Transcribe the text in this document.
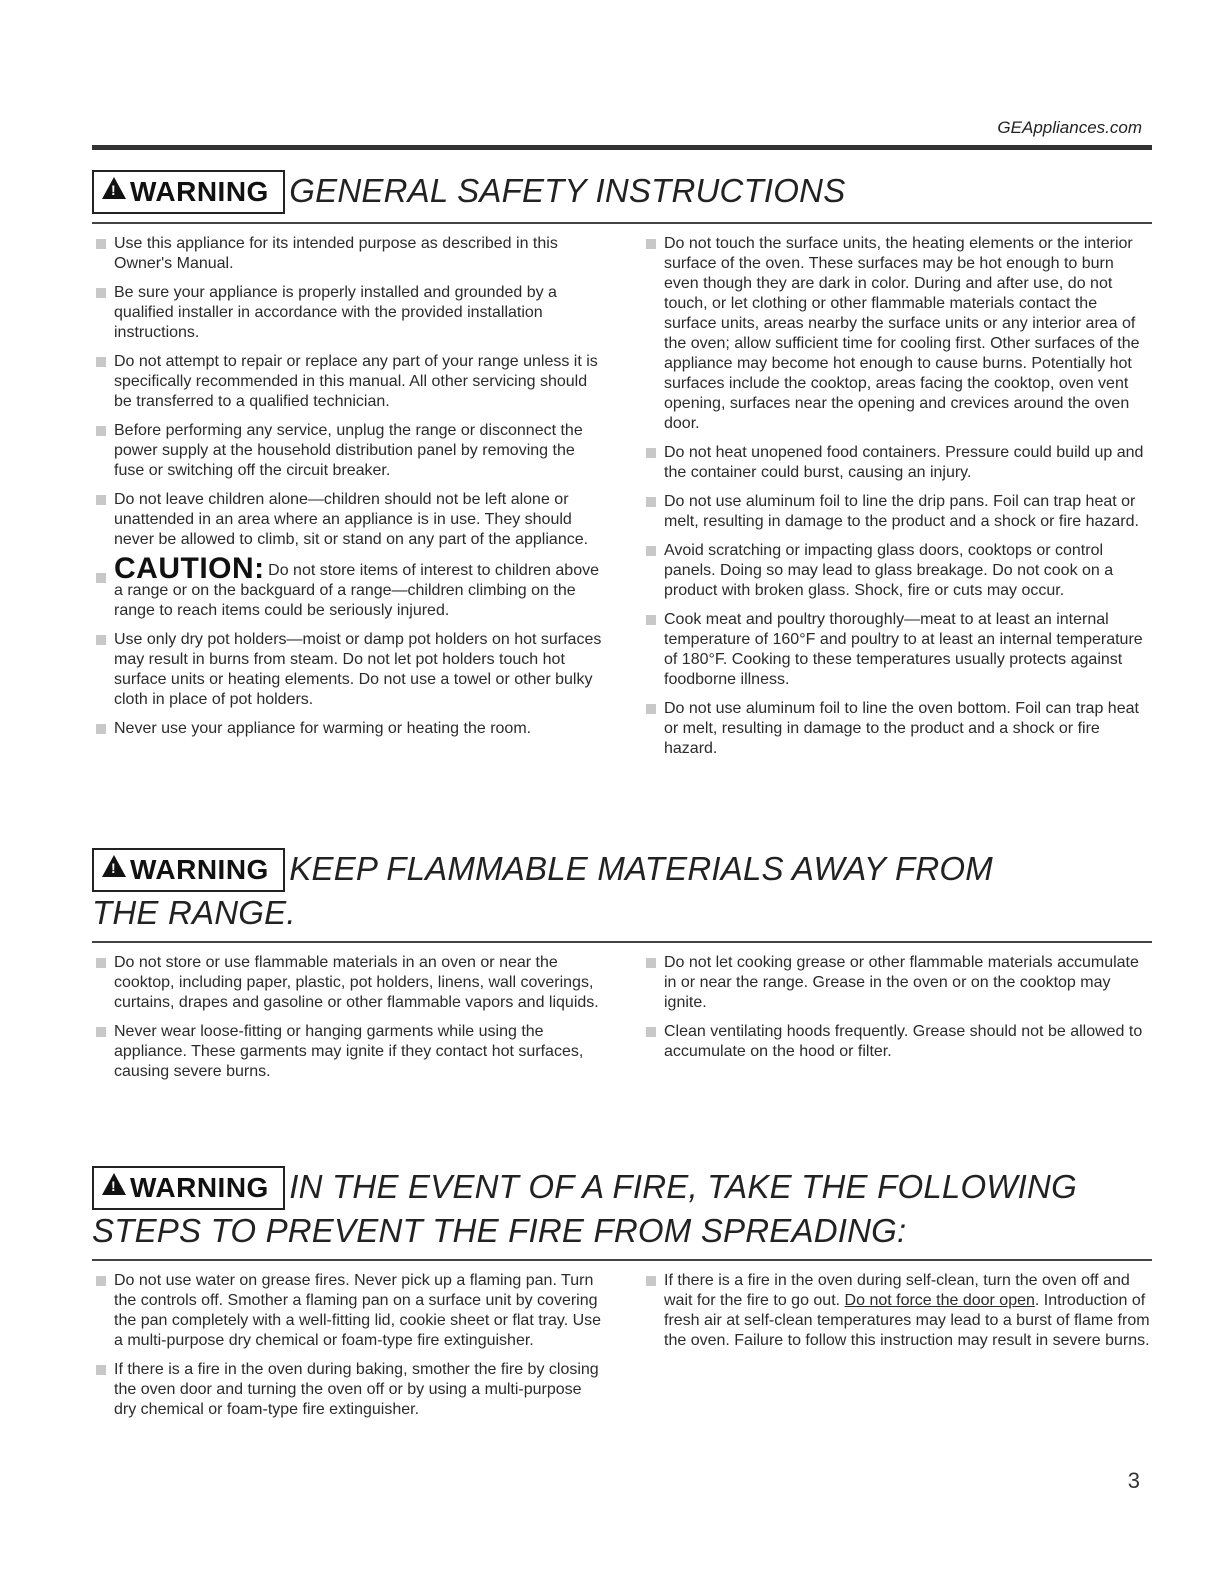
GEAppliances.com
!WARNING GENERAL SAFETY INSTRUCTIONS
Use this appliance for its intended purpose as described in this Owner's Manual.
Be sure your appliance is properly installed and grounded by a qualified installer in accordance with the provided installation instructions.
Do not attempt to repair or replace any part of your range unless it is specifically recommended in this manual. All other servicing should be transferred to a qualified technician.
Before performing any service, unplug the range or disconnect the power supply at the household distribution panel by removing the fuse or switching off the circuit breaker.
Do not leave children alone—children should not be left alone or unattended in an area where an appliance is in use. They should never be allowed to climb, sit or stand on any part of the appliance.
CAUTION: Do not store items of interest to children above a range or on the backguard of a range—children climbing on the range to reach items could be seriously injured.
Use only dry pot holders—moist or damp pot holders on hot surfaces may result in burns from steam. Do not let pot holders touch hot surface units or heating elements. Do not use a towel or other bulky cloth in place of pot holders.
Never use your appliance for warming or heating the room.
Do not touch the surface units, the heating elements or the interior surface of the oven. These surfaces may be hot enough to burn even though they are dark in color. During and after use, do not touch, or let clothing or other flammable materials contact the surface units, areas nearby the surface units or any interior area of the oven; allow sufficient time for cooling first. Other surfaces of the appliance may become hot enough to cause burns. Potentially hot surfaces include the cooktop, areas facing the cooktop, oven vent opening, surfaces near the opening and crevices around the oven door.
Do not heat unopened food containers. Pressure could build up and the container could burst, causing an injury.
Do not use aluminum foil to line the drip pans. Foil can trap heat or melt, resulting in damage to the product and a shock or fire hazard.
Avoid scratching or impacting glass doors, cooktops or control panels. Doing so may lead to glass breakage. Do not cook on a product with broken glass. Shock, fire or cuts may occur.
Cook meat and poultry thoroughly—meat to at least an internal temperature of 160°F and poultry to at least an internal temperature of 180°F. Cooking to these temperatures usually protects against foodborne illness.
Do not use aluminum foil to line the oven bottom. Foil can trap heat or melt, resulting in damage to the product and a shock or fire hazard.
!WARNING KEEP FLAMMABLE MATERIALS AWAY FROM
THE RANGE.
Do not store or use flammable materials in an oven or near the cooktop, including paper, plastic, pot holders, linens, wall coverings, curtains, drapes and gasoline or other flammable vapors and liquids.
Never wear loose-fitting or hanging garments while using the appliance. These garments may ignite if they contact hot surfaces, causing severe burns.
Do not let cooking grease or other flammable materials accumulate in or near the range. Grease in the oven or on the cooktop may ignite.
Clean ventilating hoods frequently. Grease should not be allowed to accumulate on the hood or filter.
!WARNING IN THE EVENT OF A FIRE, TAKE THE FOLLOWING
STEPS TO PREVENT THE FIRE FROM SPREADING:
Do not use water on grease fires. Never pick up a flaming pan. Turn the controls off. Smother a flaming pan on a surface unit by covering the pan completely with a well-fitting lid, cookie sheet or flat tray. Use a multi-purpose dry chemical or foam-type fire extinguisher.
If there is a fire in the oven during baking, smother the fire by closing the oven door and turning the oven off or by using a multi-purpose dry chemical or foam-type fire extinguisher.
If there is a fire in the oven during self-clean, turn the oven off and wait for the fire to go out. Do not force the door open. Introduction of fresh air at self-clean temperatures may lead to a burst of flame from the oven. Failure to follow this instruction may result in severe burns.
3
